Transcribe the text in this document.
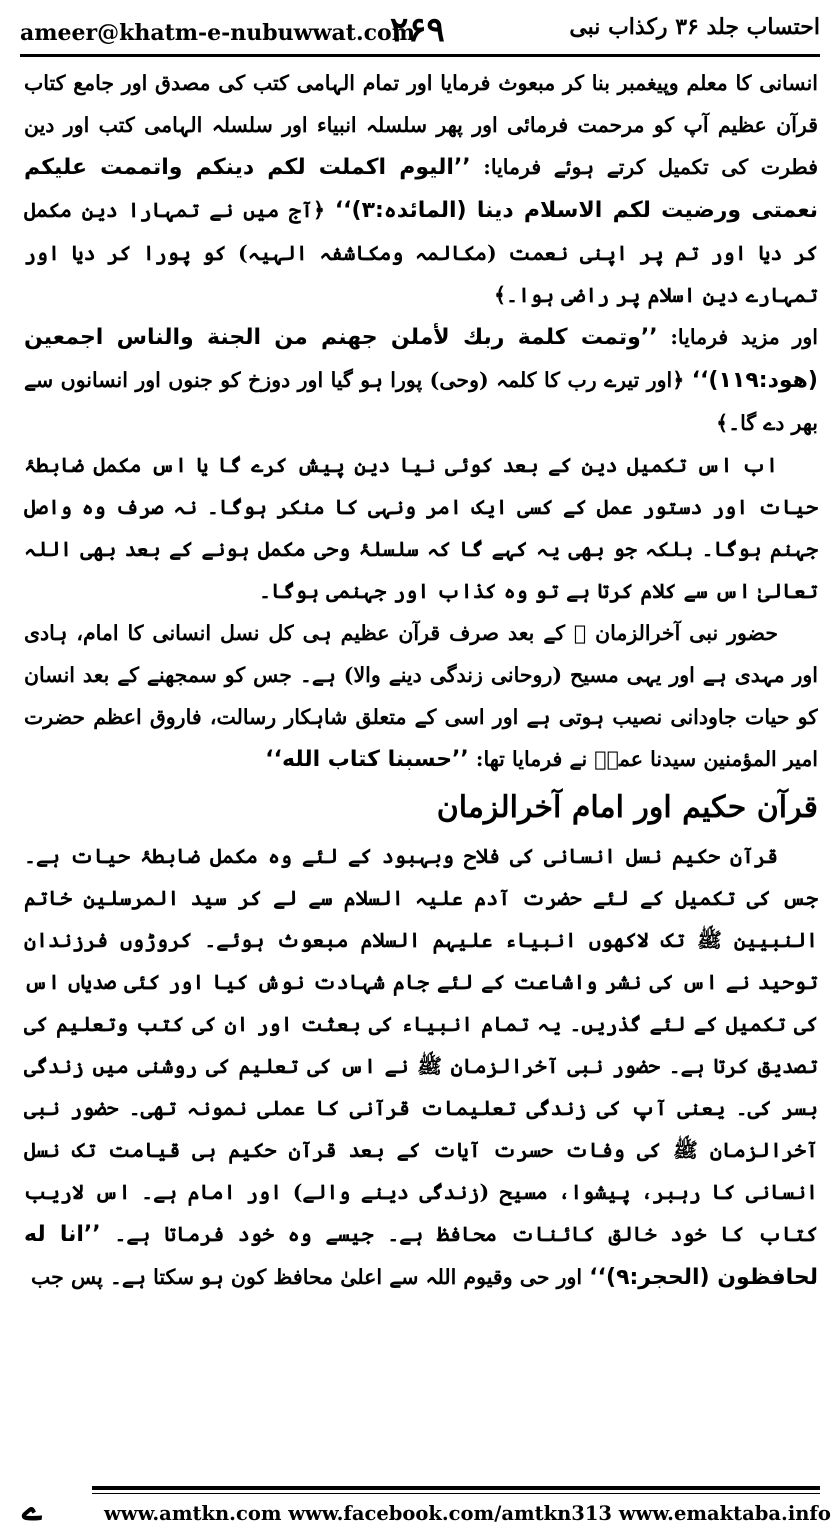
ameer@khatm-e-nubuwwat.com
۲۶۹	احتساب جلد ۳۶ رکذاب نبی

انسانی کا معلم وپیغمبر بنا کر مبعوث فرمایا اور تمام الہامی کتب کی مصدق اور جامع کتاب قرآن عظیم آپ کو مرحمت فرمائی اور پھر سلسلہ انبیاء اور سلسلہ الہامی کتب اور دین فطرت کی تکمیل کرتے ہوئے فرمایا: ’’الیوم اکملت لکم دینکم واتممت علیکم نعمتی ورضیت لکم الاسلام دینا (المائدہ:۳)‘‘ ﴿آج میں نے تمہارا دین مکمل کر دیا اور تم پر اپنی نعمت (مکالمہ ومکاشفہ الہیہ) کو پورا کر دیا اور تمہارے دین اسلام پر راضی ہوا۔﴾

اور مزید فرمایا: ’’وتمت کلمة ربك لأملن جهنم من الجنة والناس اجمعین (هود:۱۱۹)‘‘ ﴿اور تیرے رب کا کلمہ (وحی) پورا ہو گیا اور دوزخ کو جنوں اور انسانوں سے بھر دے گا۔﴾

اب اس تکمیل دین کے بعد کوئی نیا دین پیش کرے گا یا اس مکمل ضابطۂ حیات اور دستور عمل کے کسی ایک امر ونہی کا منکر ہوگا۔ نہ صرف وہ واصل جہنم ہوگا۔ بلکہ جو بھی یہ کہے گا کہ سلسلۂ وحی مکمل ہونے کے بعد بھی اللہ تعالیٰ اس سے کلام کرتا ہے تو وہ کذاب اور جہنمی ہوگا۔

حضور نبی آخرالزمان ﷺ کے بعد صرف قرآن عظیم ہی کل نسل انسانی کا امام، ہادی اور مہدی ہے اور یہی مسیح (روحانی زندگی دینے والا) ہے۔ جس کو سمجھنے کے بعد انسان کو حیات جاودانی نصیب ہوتی ہے اور اسی کے متعلق شاہکار رسالت، فاروق اعظم حضرت امیر المؤمنین سیدنا عمرؓ نے فرمایا تھا: ’’حسبنا کتاب الله‘‘

قرآن حکیم اور امام آخرالزمان

قرآن حکیم نسل انسانی کی فلاح وبہبود کے لئے وہ مکمل ضابطۂ حیات ہے۔ جس کی تکمیل کے لئے حضرت آدم علیہ السلام سے لے کر سید المرسلین خاتم النبیین ﷺ تک لاکھوں انبیاء علیہم السلام مبعوث ہوئے۔ کروڑوں فرزندان توحید نے اس کی نشر واشاعت کے لئے جام شہادت نوش کیا اور کئی صدیاں اس کی تکمیل کے لئے گذریں۔ یہ تمام انبیاء کی بعثت اور ان کی کتب وتعلیم کی تصدیق کرتا ہے۔ حضور نبی آخرالزمان ﷺ نے اس کی تعلیم کی روشنی میں زندگی بسر کی۔ یعنی آپ کی زندگی تعلیمات قرآنی کا عملی نمونہ تھی۔ حضور نبی آخرالزمان ﷺ کی وفات حسرت آیات کے بعد قرآن حکیم ہی قیامت تک نسل انسانی کا رہبر، پیشوا، مسیح (زندگی دینے والے) اور امام ہے۔ اس لاریب کتاب کا خود خالق کائنات محافظ ہے۔ جیسے وہ خود فرماتا ہے۔ ’’انا له لحافظون (الحجر:۹)‘‘ اور حی وقیوم اللہ سے اعلیٰ محافظ کون ہو سکتا ہے۔ پس جب

ے	www.amtkn.com www.facebook.com/amtkn313 www.emaktaba.info
